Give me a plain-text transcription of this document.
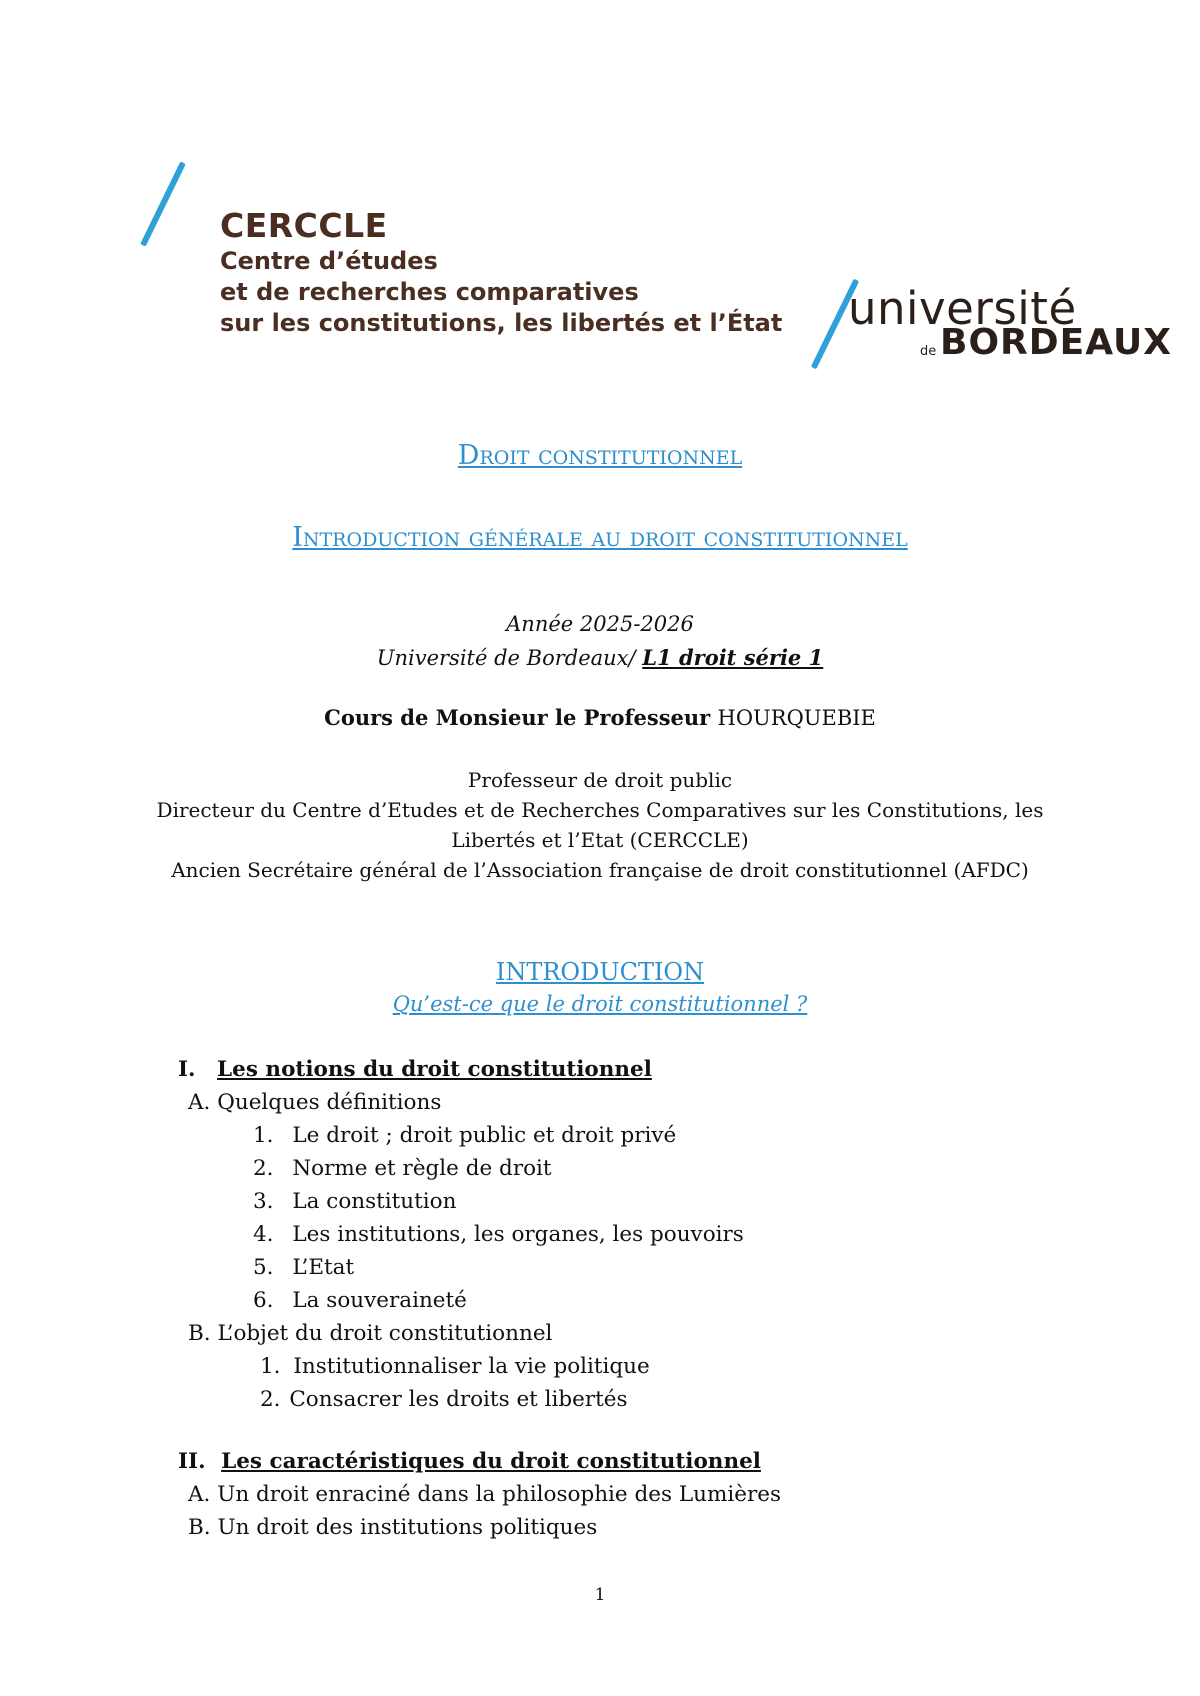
CERCCLE
Centre d’études
et de recherches comparatives
sur les constitutions, les libertés et l’État université
de BORDEAUX
Droit constitutionnel
Introduction générale au droit constitutionnel
Année 2025-2026
Université de Bordeaux/ L1 droit série 1
Cours de Monsieur le Professeur HOURQUEBIE
Professeur de droit public
Directeur du Centre d’Etudes et de Recherches Comparatives sur les Constitutions, les
Libertés et l’Etat (CERCCLE)
Ancien Secrétaire général de l’Association française de droit constitutionnel (AFDC)
INTRODUCTION
Qu’est-ce que le droit constitutionnel ?
I. Les notions du droit constitutionnel
A. Quelques définitions
1. Le droit ; droit public et droit privé
2. Norme et règle de droit
3. La constitution
4. Les institutions, les organes, les pouvoirs
5. L’Etat
6. La souveraineté
B. L’objet du droit constitutionnel
1. Institutionnaliser la vie politique
2. Consacrer les droits et libertés
II. Les caractéristiques du droit constitutionnel
A. Un droit enraciné dans la philosophie des Lumières
B. Un droit des institutions politiques
1
